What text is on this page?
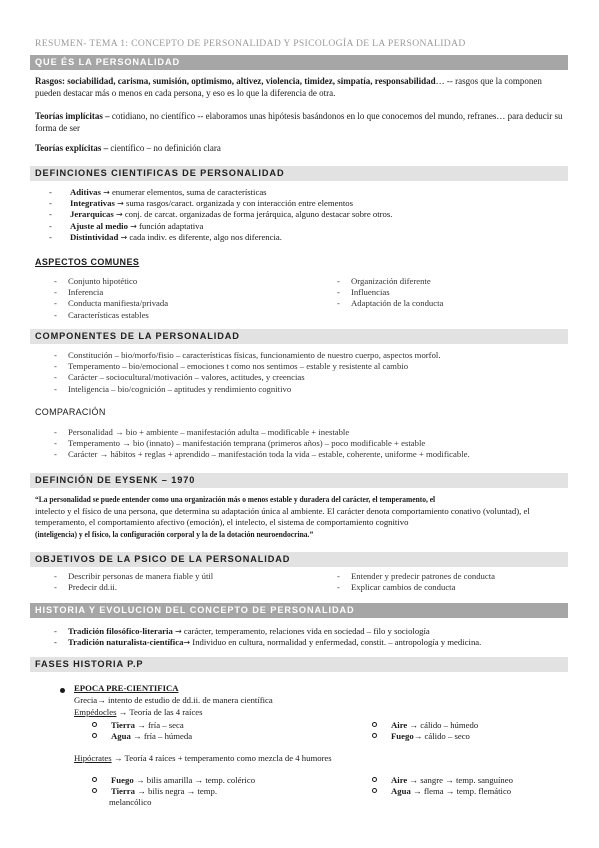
RESUMEN- TEMA 1: CONCEPTO DE PERSONALIDAD Y PSICOLOGÍA DE LA PERSONALIDAD
QUE ÉS LA PERSONALIDAD
Rasgos: sociabilidad, carisma, sumisión, optimismo, altivez, violencia, timidez, simpatía, responsabilidad… -- rasgos que la componen pueden destacar más o menos en cada persona, y eso es lo que la diferencia de otra.
Teorías implícitas – cotidiano, no científico -- elaboramos unas hipótesis basándonos en lo que conocemos del mundo, refranes… para deducir su forma de ser
Teorías explícitas – científico – no definición clara
DEFINCIONES CIENTIFICAS DE PERSONALIDAD
- Aditivas → enumerar elementos, suma de características
- Integrativas → suma rasgos/caract. organizada y con interacción entre elementos
- Jerarquicas → conj. de carcat. organizadas de forma jerárquica, alguno destacar sobre otros.
- Ajuste al medio → función adaptativa
- Distintividad → cada indiv. es diferente, algo nos diferencia.
ASPECTOS COMUNES
- Conjunto hipotético
- Inferencia
- Conducta manifiesta/privada
- Características estables
- Organización diferente
- Influencias
- Adaptación de la conducta
COMPONENTES DE LA PERSONALIDAD
- Constitución – bio/morfo/fisio – características físicas, funcionamiento de nuestro cuerpo, aspectos morfol.
- Temperamento – bio/emocional – emociones t como nos sentimos – estable y resistente al cambio
- Carácter – sociocultural/motivación – valores, actitudes, y creencias
- Inteligencia – bio/cognición – aptitudes y rendimiento cognitivo
COMPARACIÓN
- Personalidad → bio + ambiente – manifestación adulta – modificable + inestable
- Temperamento → bio (innato) – manifestación temprana (primeros años) – poco modificable + estable
- Carácter → hábitos + reglas + aprendido – manifestación toda la vida – estable, coherente, uniforme + modificable.
DEFINCIÓN DE EYSENK – 1970
“La personalidad se puede entender como una organización más o menos estable y duradera del carácter, el temperamento, el
intelecto y el físico de una persona, que determina su adaptación única al ambiente. El carácter denota comportamiento conativo (voluntad), el temperamento, el comportamiento afectivo (emoción), el intelecto, el sistema de comportamiento cognitivo
(inteligencia) y el físico, la configuración corporal y la de la dotación neuroendocrina.”
OBJETIVOS DE LA PSICO DE LA PERSONALIDAD
- Describir personas de manera fiable y útil
- Predecir dd.ii.
- Entender y predecir patrones de conducta
- Explicar cambios de conducta
HISTORIA Y EVOLUCION DEL CONCEPTO DE PERSONALIDAD
- Tradición filosófico-literaria → carácter, temperamento, relaciones vida en sociedad – filo y sociología
- Tradición naturalista-científica→ Individuo en cultura, normalidad y enfermedad, constit. – antropología y medicina.
FASES HISTORIA P.P
EPOCA PRE-CIENTIFICA
Grecia→ intento de estudio de dd.ii. de manera científica
Empédocles → Teoría de las 4 raíces
Tierra → fría – seca
Agua → fría – húmeda
Aire → cálido – húmedo
Fuego→ cálido – seco
Hipócrates → Teoría 4 raíces + temperamento como mezcla de 4 humores
Fuego → bilis amarilla → temp. colérico
Tierra → bilis negra → temp.
melancólico
Aire → sangre → temp. sanguíneo
Agua → flema → temp. flemático
